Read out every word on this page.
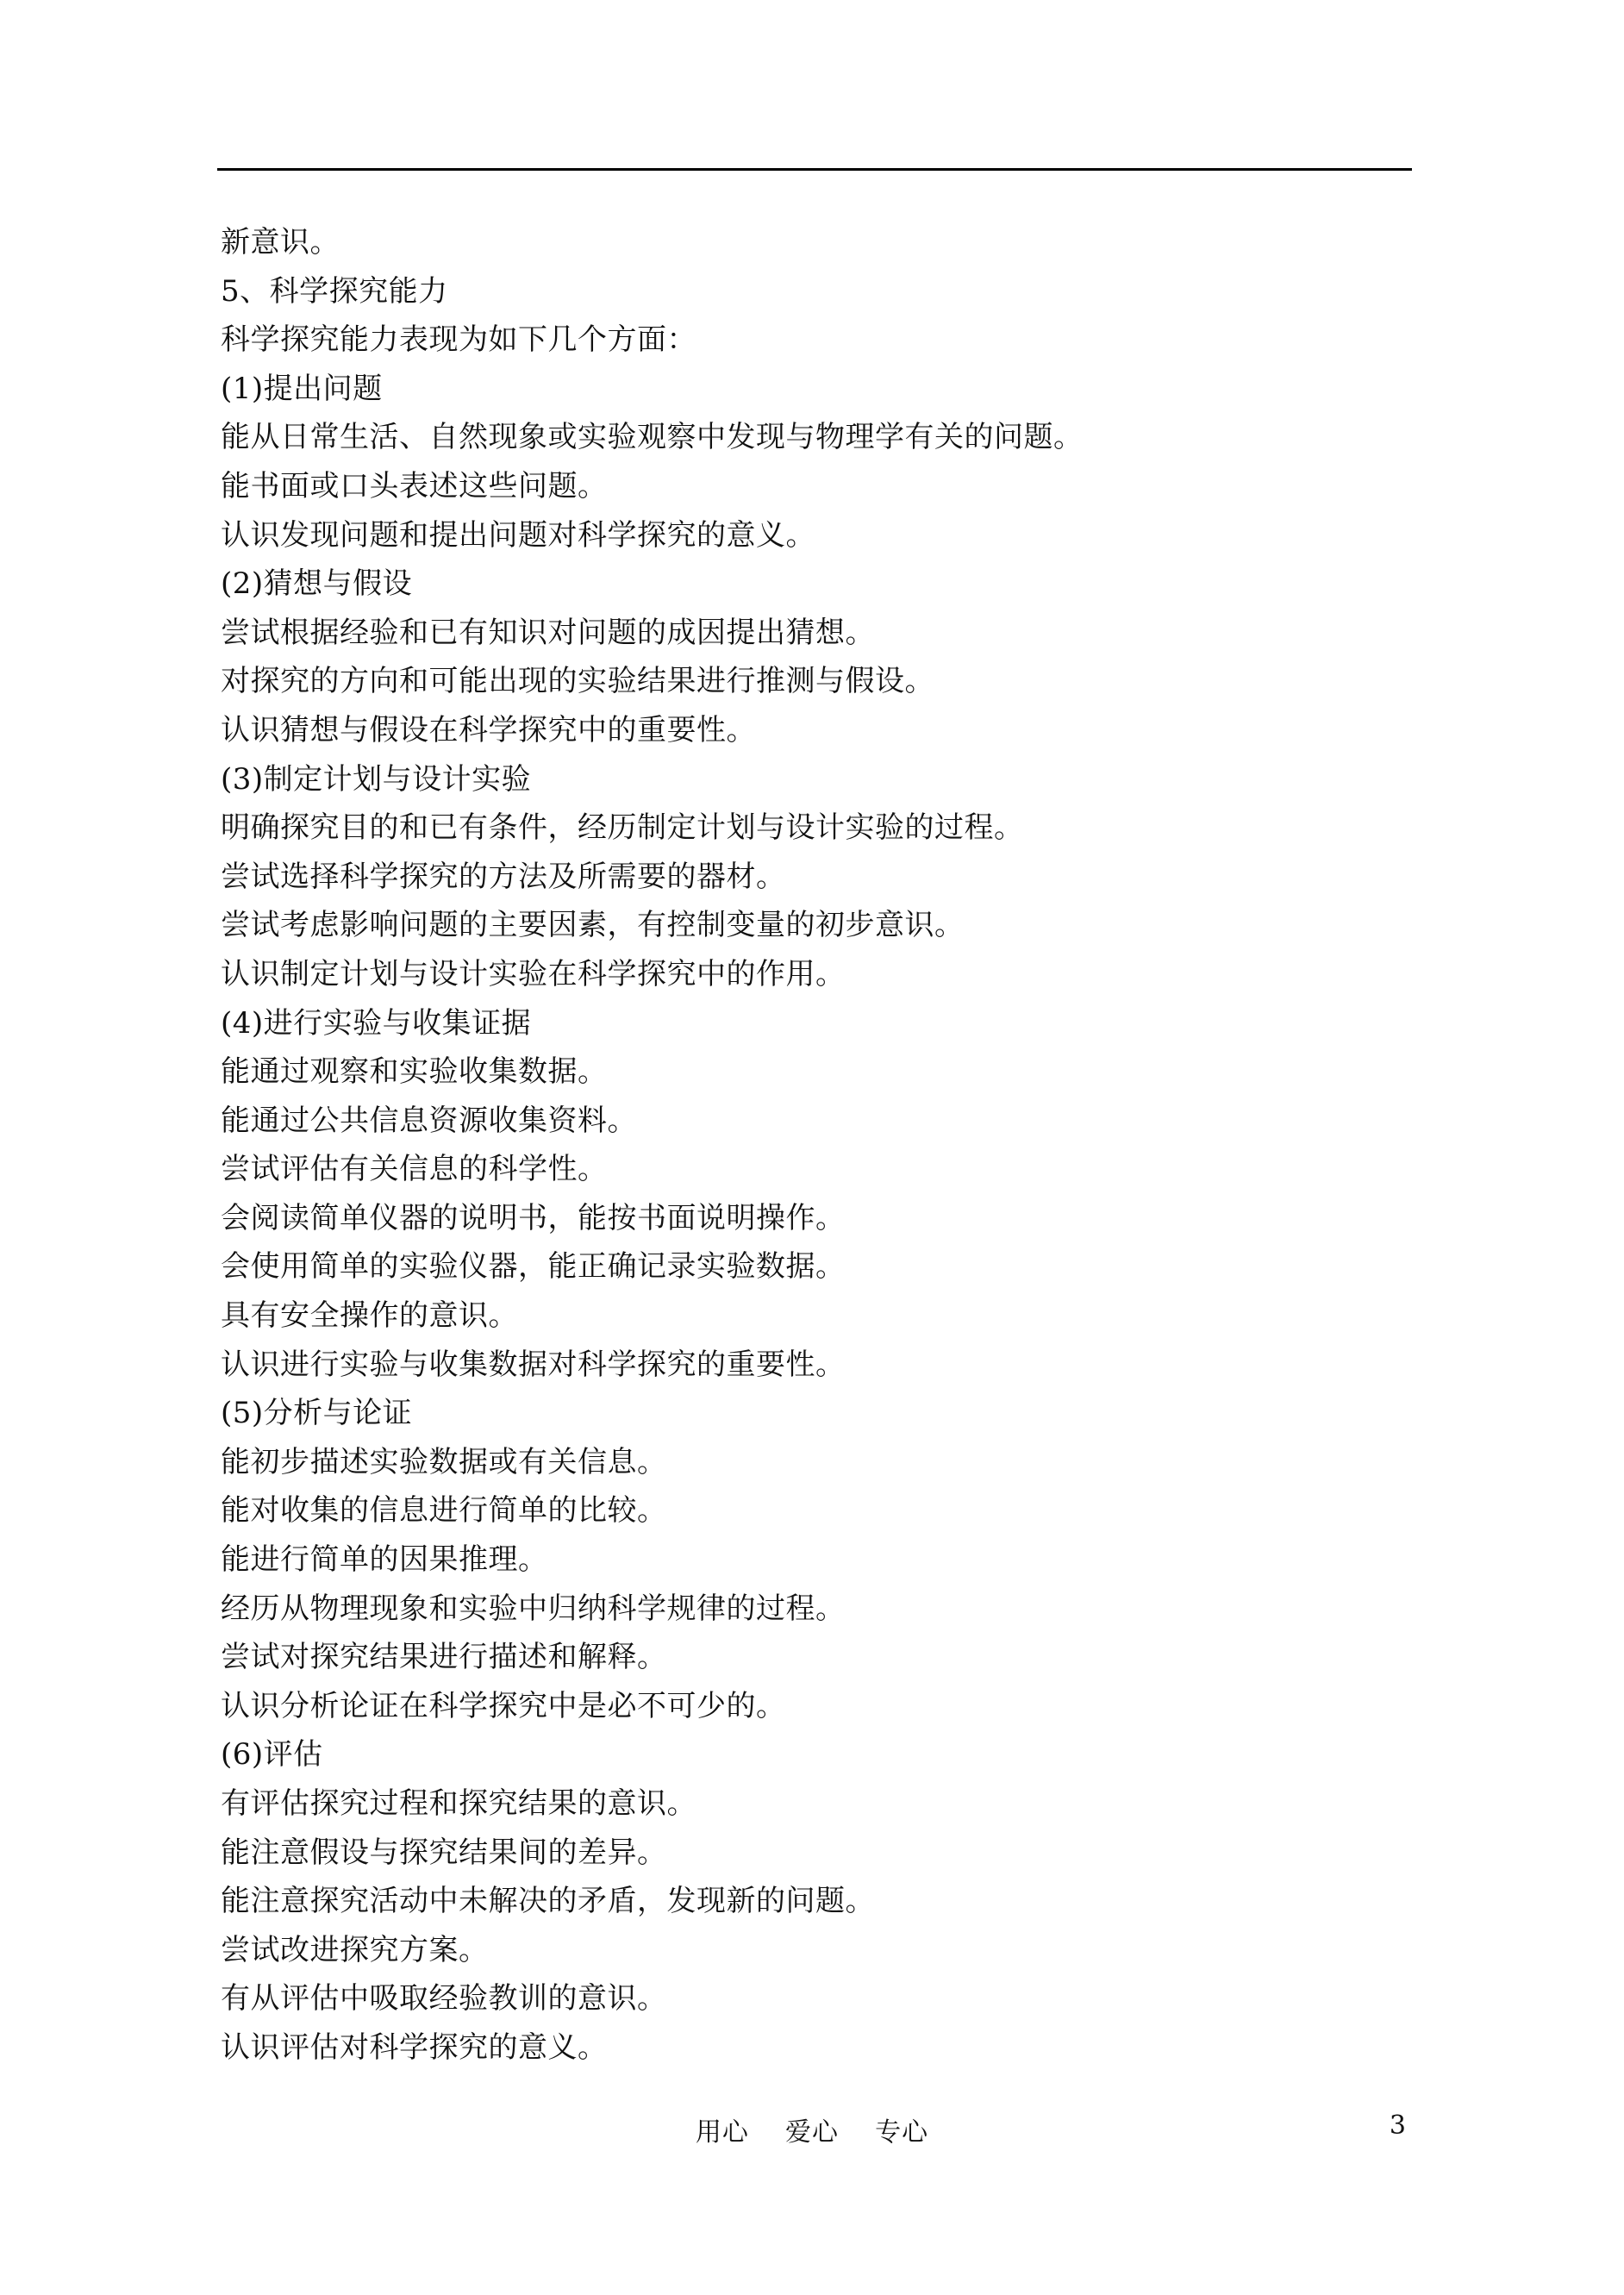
新意识。
5、科学探究能力
科学探究能力表现为如下几个方面：
(1)提出问题
能从日常生活、自然现象或实验观察中发现与物理学有关的问题。
能书面或口头表述这些问题。
认识发现问题和提出问题对科学探究的意义。
(2)猜想与假设
尝试根据经验和已有知识对问题的成因提出猜想。
对探究的方向和可能出现的实验结果进行推测与假设。
认识猜想与假设在科学探究中的重要性。
(3)制定计划与设计实验
明确探究目的和已有条件，经历制定计划与设计实验的过程。
尝试选择科学探究的方法及所需要的器材。
尝试考虑影响问题的主要因素，有控制变量的初步意识。
认识制定计划与设计实验在科学探究中的作用。
(4)进行实验与收集证据
能通过观察和实验收集数据。
能通过公共信息资源收集资料。
尝试评估有关信息的科学性。
会阅读简单仪器的说明书，能按书面说明操作。
会使用简单的实验仪器，能正确记录实验数据。
具有安全操作的意识。
认识进行实验与收集数据对科学探究的重要性。
(5)分析与论证
能初步描述实验数据或有关信息。
能对收集的信息进行简单的比较。
能进行简单的因果推理。
经历从物理现象和实验中归纳科学规律的过程。
尝试对探究结果进行描述和解释。
认识分析论证在科学探究中是必不可少的。
(6)评估
有评估探究过程和探究结果的意识。
能注意假设与探究结果间的差异。
能注意探究活动中未解决的矛盾，发现新的问题。
尝试改进探究方案。
有从评估中吸取经验教训的意识。
认识评估对科学探究的意义。
用心    爱心    专心	3
